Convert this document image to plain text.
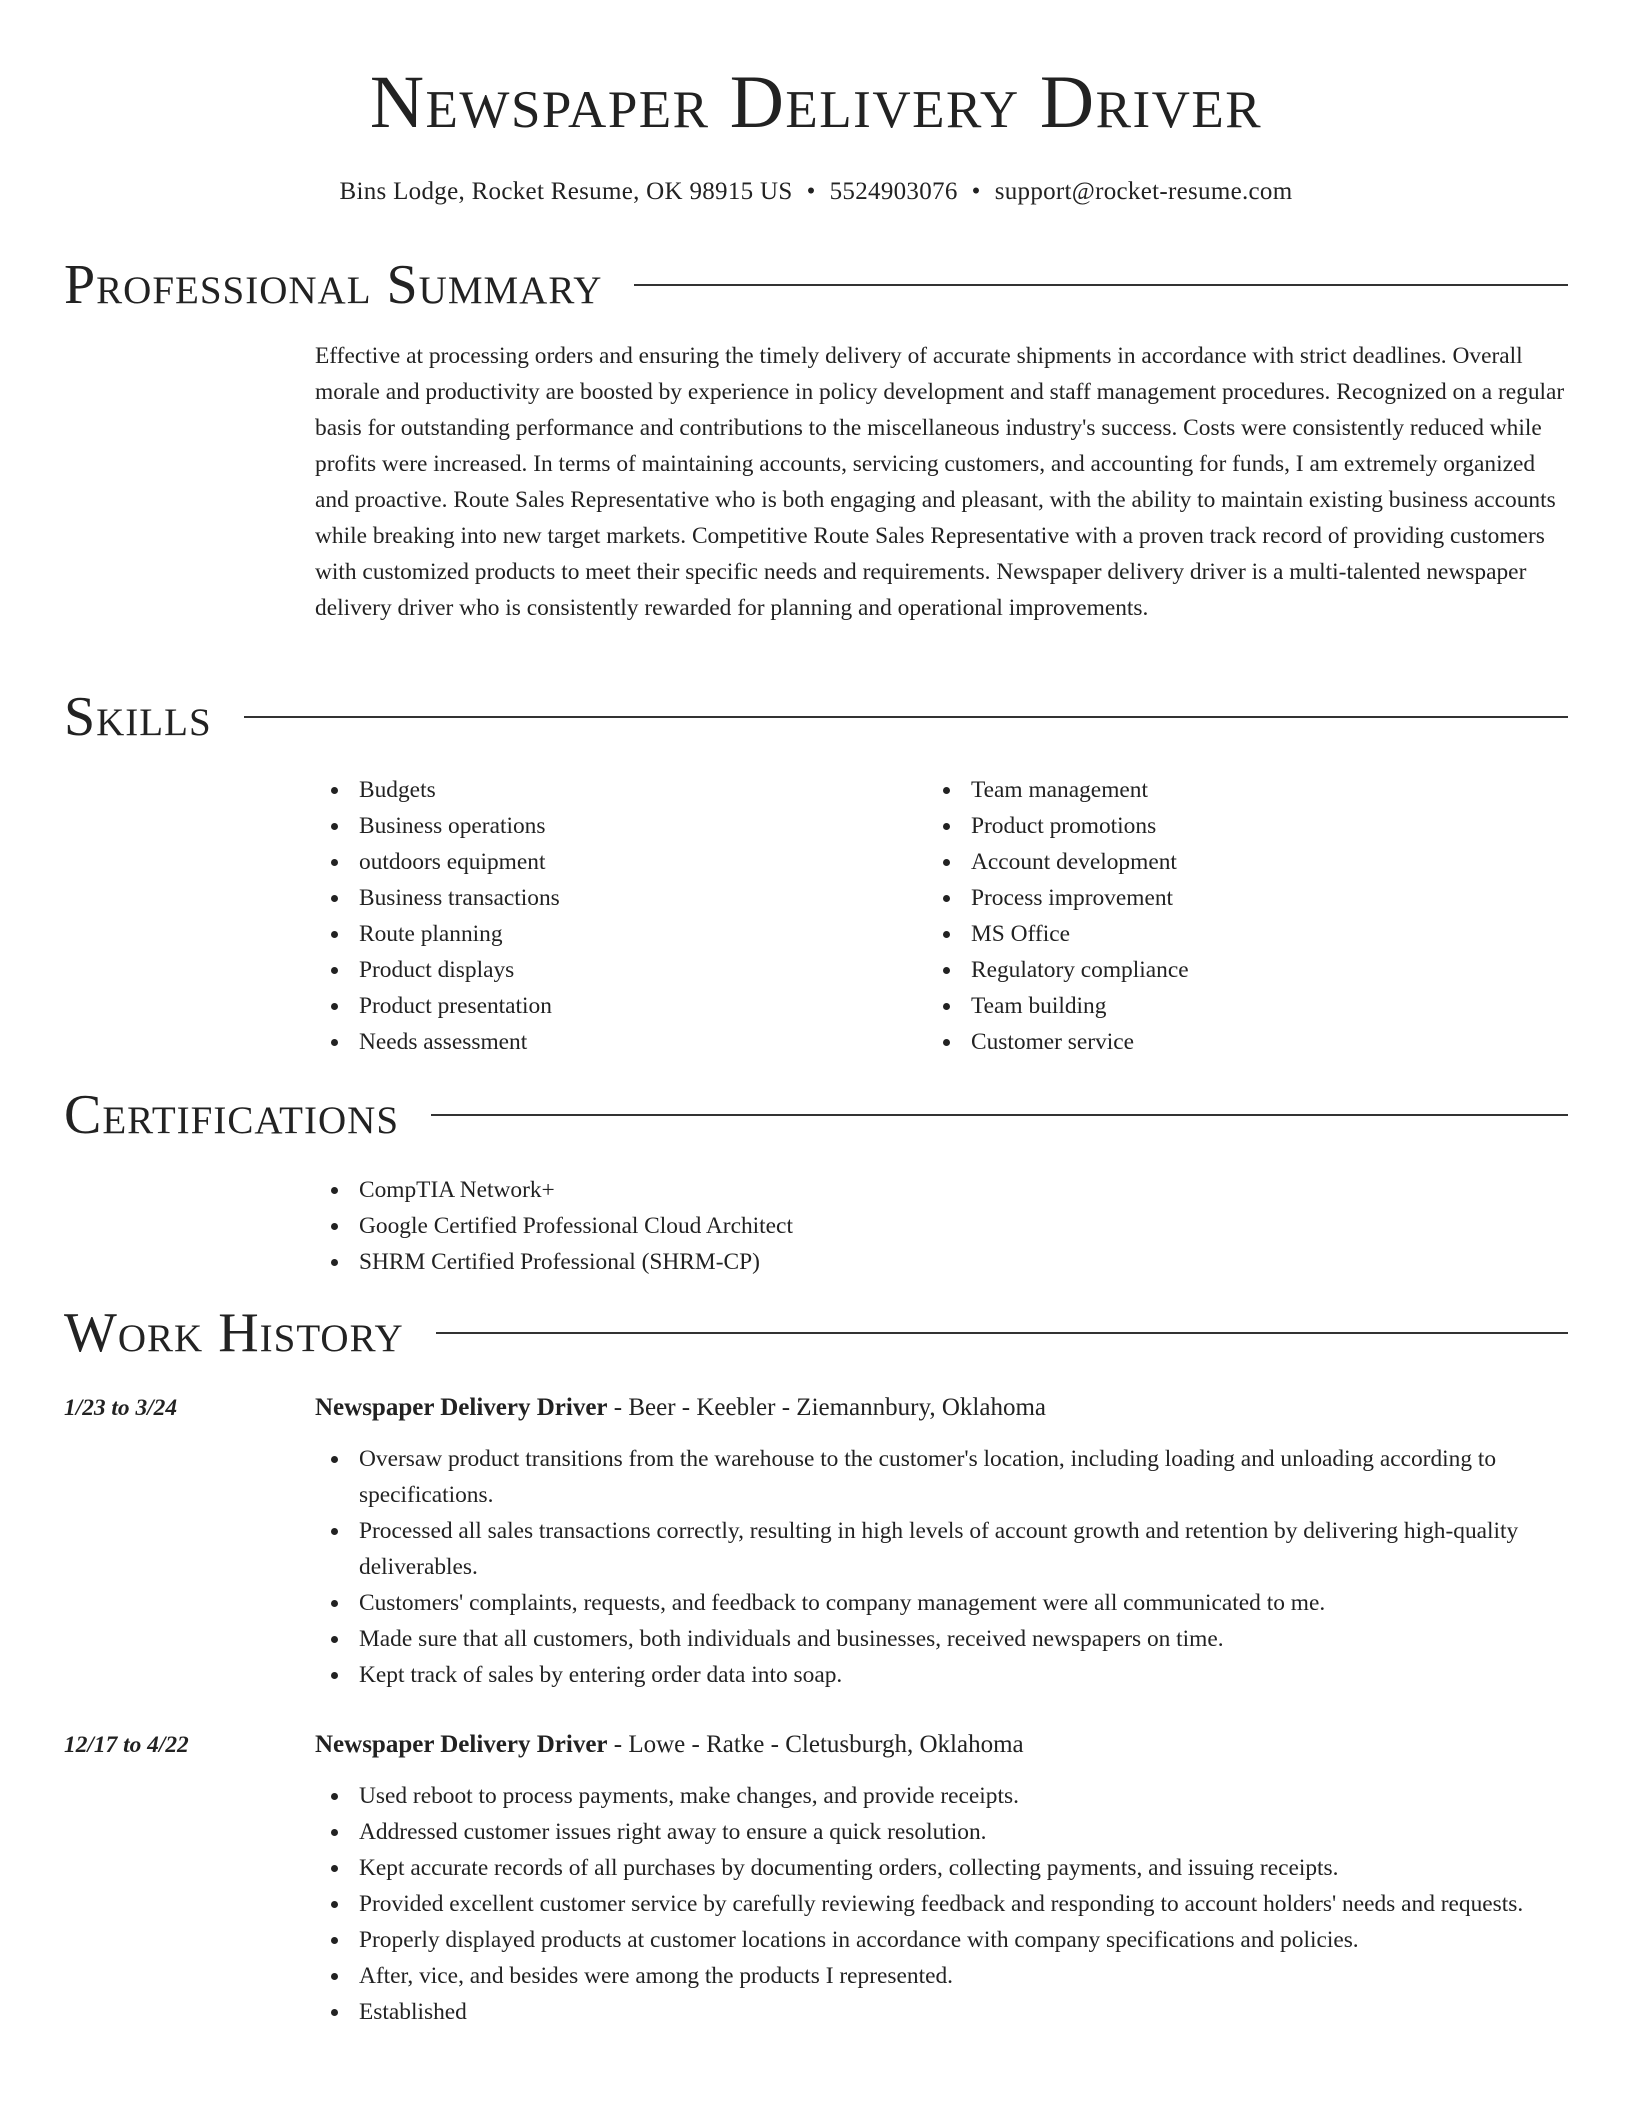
Newspaper Delivery Driver
Bins Lodge, Rocket Resume, OK 98915 US • 5524903076 • support@rocket-resume.com
Professional Summary
Effective at processing orders and ensuring the timely delivery of accurate shipments in accordance with strict deadlines. Overall morale and productivity are boosted by experience in policy development and staff management procedures. Recognized on a regular basis for outstanding performance and contributions to the miscellaneous industry's success. Costs were consistently reduced while profits were increased. In terms of maintaining accounts, servicing customers, and accounting for funds, I am extremely organized and proactive. Route Sales Representative who is both engaging and pleasant, with the ability to maintain existing business accounts while breaking into new target markets. Competitive Route Sales Representative with a proven track record of providing customers with customized products to meet their specific needs and requirements. Newspaper delivery driver is a multi-talented newspaper delivery driver who is consistently rewarded for planning and operational improvements.
Skills
Budgets
Business operations
outdoors equipment
Business transactions
Route planning
Product displays
Product presentation
Needs assessment
Team management
Product promotions
Account development
Process improvement
MS Office
Regulatory compliance
Team building
Customer service
Certifications
CompTIA Network+
Google Certified Professional Cloud Architect
SHRM Certified Professional (SHRM-CP)
Work History
1/23 to 3/24	Newspaper Delivery Driver - Beer - Keebler - Ziemannbury, Oklahoma
Oversaw product transitions from the warehouse to the customer's location, including loading and unloading according to specifications.
Processed all sales transactions correctly, resulting in high levels of account growth and retention by delivering high-quality deliverables.
Customers' complaints, requests, and feedback to company management were all communicated to me.
Made sure that all customers, both individuals and businesses, received newspapers on time.
Kept track of sales by entering order data into soap.
12/17 to 4/22	Newspaper Delivery Driver - Lowe - Ratke - Cletusburgh, Oklahoma
Used reboot to process payments, make changes, and provide receipts.
Addressed customer issues right away to ensure a quick resolution.
Kept accurate records of all purchases by documenting orders, collecting payments, and issuing receipts.
Provided excellent customer service by carefully reviewing feedback and responding to account holders' needs and requests.
Properly displayed products at customer locations in accordance with company specifications and policies.
After, vice, and besides were among the products I represented.
Established
